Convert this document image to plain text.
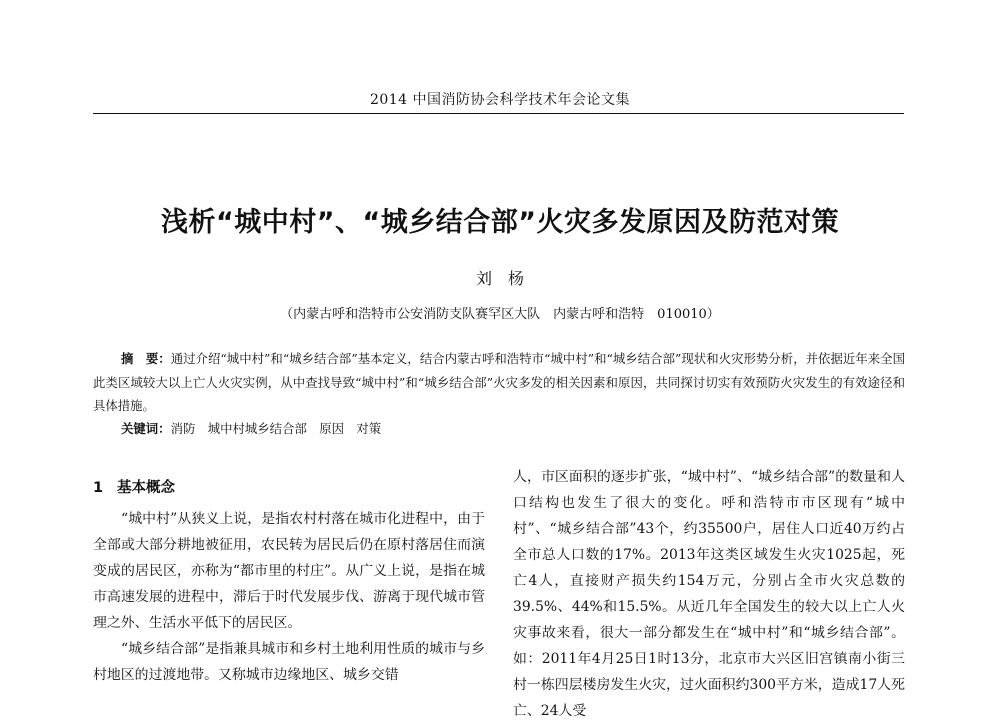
2014 中国消防协会科学技术年会论文集
浅析“城中村”、“城乡结合部”火灾多发原因及防范对策
刘杨
（内蒙古呼和浩特市公安消防支队赛罕区大队　内蒙古呼和浩特　010010）
摘　要：通过介绍“城中村”和“城乡结合部”基本定义，结合内蒙古呼和浩特市“城中村”和“城乡结合部”现状和火灾形势分析，并依据近年来全国此类区域较大以上亡人火灾实例，从中查找导致“城中村”和“城乡结合部”火灾多发的相关因素和原因，共同探讨切实有效预防火灾发生的有效途径和具体措施。
关键词：消防　城中村城乡结合部　原因　对策
1 基本概念

“城中村”从狭义上说，是指农村村落在城市化进程中，由于全部或大部分耕地被征用，农民转为居民后仍在原村落居住而演变成的居民区，亦称为“都市里的村庄”。从广义上说，是指在城市高速发展的进程中，滞后于时代发展步伐、游离于现代城市管理之外、生活水平低下的居民区。

“城乡结合部”是指兼具城市和乡村土地利用性质的城市与乡村地区的过渡地带。又称城市边缘地区、城乡交错

人，市区面积的逐步扩张，“城中村”、“城乡结合部”的数量和人口结构也发生了很大的变化。呼和浩特市市区现有“城中村”、“城乡结合部”43个，约35500户，居住人口近40万约占全市总人口数的17%。2013年这类区域发生火灾1025起，死亡4人，直接财产损失约154万元，分别占全市火灾总数的39.5%、44%和15.5%。从近几年全国发生的较大以上亡人火灾事故来看，很大一部分都发生在“城中村”和“城乡结合部”。如：2011年4月25日1时13分，北京市大兴区旧宫镇南小街三村一栋四层楼房发生火灾，过火面积约300平方米，造成17人死亡、24人受
